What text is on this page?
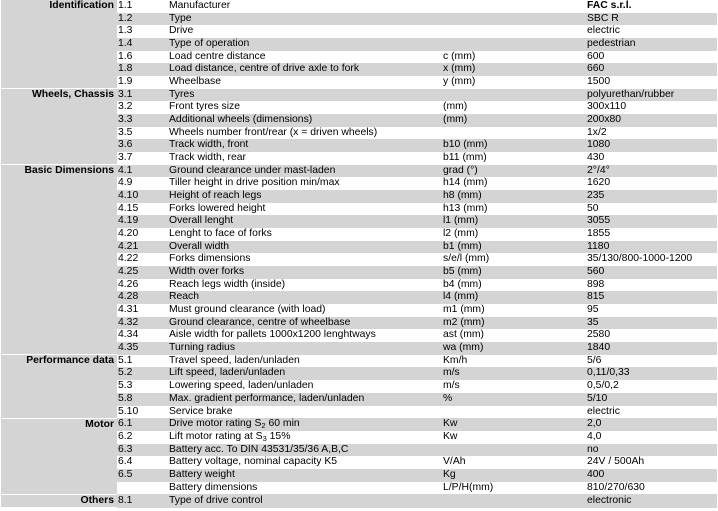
Identification	1.1	Manufacturer		FAC s.r.l.
	1.2	Type		SBC R
	1.3	Drive		electric
	1.4	Type of operation		pedestrian
	1.6	Load centre distance	c (mm)	600
	1.8	Load distance, centre of drive axle to fork	x (mm)	660
	1.9	Wheelbase	y (mm)	1500
Wheels, Chassis	3.1	Tyres		polyurethan/rubber
	3.2	Front tyres size	(mm)	300x110
	3.3	Additional wheels (dimensions)	(mm)	200x80
	3.5	Wheels number front/rear (x = driven wheels)		1x/2
	3.6	Track width, front	b10 (mm)	1080
	3.7	Track width, rear	b11 (mm)	430
Basic Dimensions	4.1	Ground clearance under mast-laden	grad (°)	2°/4°
	4.9	Tiller height in drive position min/max	h14 (mm)	1620
	4.10	Height of reach legs	h8 (mm)	235
	4.15	Forks lowered height	h13 (mm)	50
	4.19	Overall lenght	l1 (mm)	3055
	4.20	Lenght to face of forks	l2 (mm)	1855
	4.21	Overall width	b1 (mm)	1180
	4.22	Forks dimensions	s/e/l (mm)	35/130/800-1000-1200
	4.25	Width over forks	b5 (mm)	560
	4.26	Reach legs width (inside)	b4 (mm)	898
	4.28	Reach	l4 (mm)	815
	4.31	Must ground clearance (with load)	m1 (mm)	95
	4.32	Ground clearance, centre of wheelbase	m2 (mm)	35
	4.34	Aisle width for pallets 1000x1200 lenghtways	ast (mm)	2580
	4.35	Turning radius	wa (mm)	1840
Performance data	5.1	Travel speed, laden/unladen	Km/h	5/6
	5.2	Lift speed, laden/unladen	m/s	0,11/0,33
	5.3	Lowering speed, laden/unladen	m/s	0,5/0,2
	5.8	Max. gradient performance, laden/unladen	%	5/10
	5.10	Service brake		electric
Motor	6.1	Drive motor rating $S_2$ 60 min	Kw	2,0
	6.2	Lift motor rating at $S_3$ 15%	Kw	4,0
	6.3	Battery acc. To DIN 43531/35/36 A,B,C		no
	6.4	Battery voltage, nominal capacity K5	V/Ah	24V / 500Ah
	6.5	Battery weight	Kg	400
		Battery dimensions	L/P/H(mm)	810/270/630
Others	8.1	Type of drive control		electronic
